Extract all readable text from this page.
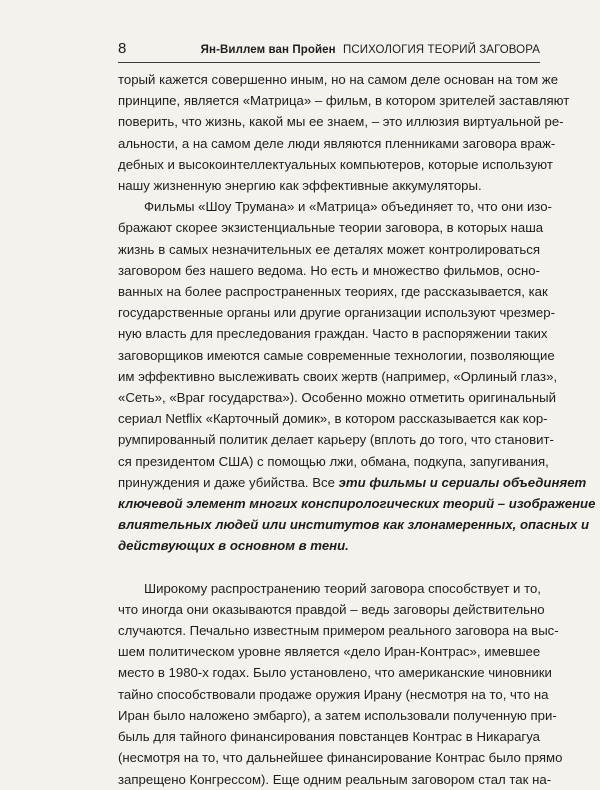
8	Ян-Виллем ван Пройен ПСИХОЛОГИЯ ТЕОРИЙ ЗАГОВОРА
торый кажется совершенно иным, но на самом деле основан на том же
принципе, является «Матрица» – фильм, в котором зрителей заставляют
поверить, что жизнь, какой мы ее знаем, – это иллюзия виртуальной ре-
альности, а на самом деле люди являются пленниками заговора враж-
дебных и высокоинтеллектуальных компьютеров, которые используют
нашу жизненную энергию как эффективные аккумуляторы.
Фильмы «Шоу Трумана» и «Матрица» объединяет то, что они изо-
бражают скорее экзистенциальные теории заговора, в которых наша
жизнь в самых незначительных ее деталях может контролироваться
заговором без нашего ведома. Но есть и множество фильмов, осно-
ванных на более распространенных теориях, где рассказывается, как
государственные органы или другие организации используют чрезмер-
ную власть для преследования граждан. Часто в распоряжении таких
заговорщиков имеются самые современные технологии, позволяющие
им эффективно выслеживать своих жертв (например, «Орлиный глаз»,
«Сеть», «Враг государства»). Особенно можно отметить оригинальный
сериал Netflix «Карточный домик», в котором рассказывается как кор-
румпированный политик делает карьеру (вплоть до того, что становит-
ся президентом США) с помощью лжи, обмана, подкупа, запугивания,
принуждения и даже убийства. Все эти фильмы и сериалы объединяет
ключевой элемент многих конспирологических теорий – изображение
влиятельных людей или институтов как злонамеренных, опасных и
действующих в основном в тени.
Широкому распространению теорий заговора способствует и то,
что иногда они оказываются правдой – ведь заговоры действительно
случаются. Печально известным примером реального заговора на выс-
шем политическом уровне является «дело Иран-Контрас», имевшее
место в 1980-х годах. Было установлено, что американские чиновники
тайно способствовали продаже оружия Ирану (несмотря на то, что на
Иран было наложено эмбарго), а затем использовали полученную при-
быль для тайного финансирования повстанцев Контрас в Никарагуа
(несмотря на то, что дальнейшее финансирование Контрас было прямо
запрещено Конгрессом). Еще одним реальным заговором стал так на-
